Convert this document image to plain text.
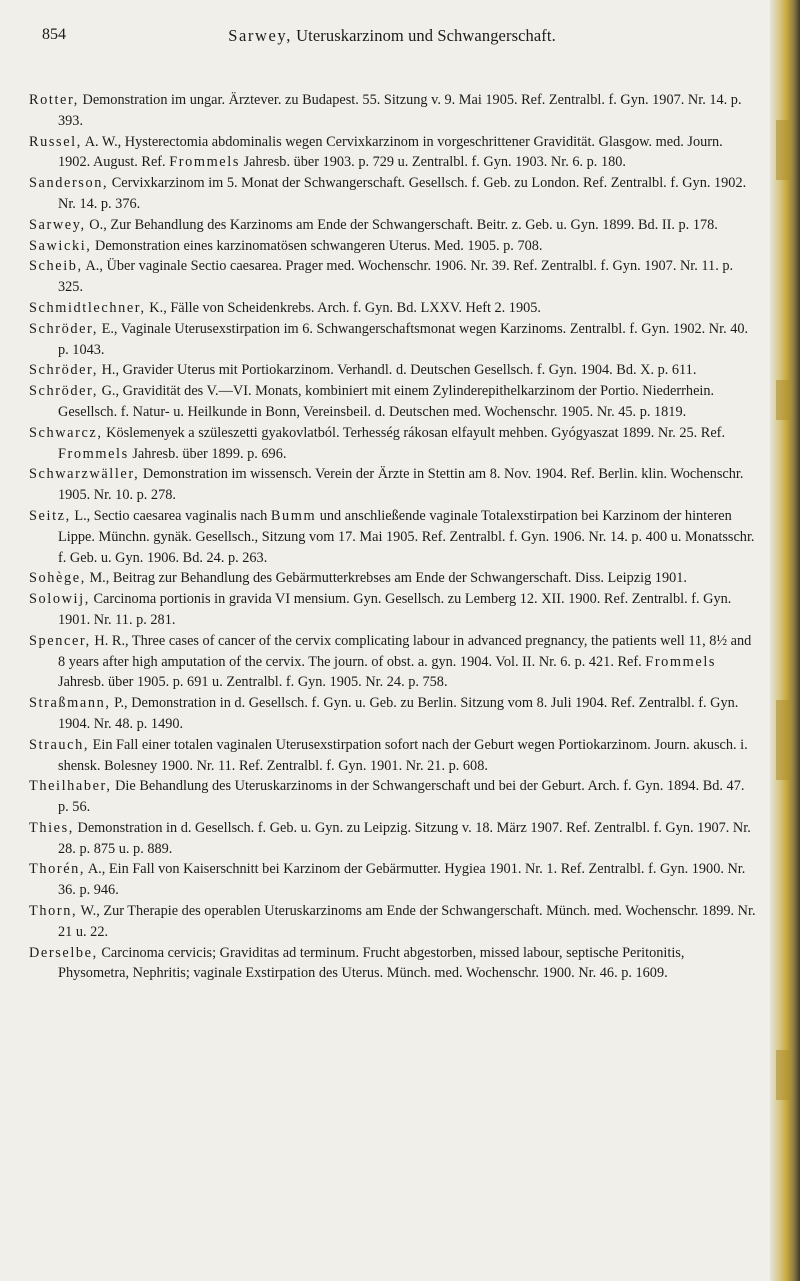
854	Sarwey, Uteruskarzinom und Schwangerschaft.

Rotter, Demonstration im ungar. Ärztever. zu Budapest. 55. Sitzung v. 9. Mai 1905. Ref. Zentralbl. f. Gyn. 1907. Nr. 14. p. 393.

Russel, A. W., Hysterectomia abdominalis wegen Cervixkarzinom in vorgeschrittener Gravidität. Glasgow. med. Journ. 1902. August. Ref. Frommels Jahresb. über 1903. p. 729 u. Zentralbl. f. Gyn. 1903. Nr. 6. p. 180.

Sanderson, Cervixkarzinom im 5. Monat der Schwangerschaft. Gesellsch. f. Geb. zu London. Ref. Zentralbl. f. Gyn. 1902. Nr. 14. p. 376.

Sarwey, O., Zur Behandlung des Karzinoms am Ende der Schwangerschaft. Beitr. z. Geb. u. Gyn. 1899. Bd. II. p. 178.

Sawicki, Demonstration eines karzinomatösen schwangeren Uterus. Med. 1905. p. 708.

Scheib, A., Über vaginale Sectio caesarea. Prager med. Wochenschr. 1906. Nr. 39. Ref. Zentralbl. f. Gyn. 1907. Nr. 11. p. 325.

Schmidtlechner, K., Fälle von Scheidenkrebs. Arch. f. Gyn. Bd. LXXV. Heft 2. 1905.

Schröder, E., Vaginale Uterusexstirpation im 6. Schwangerschaftsmonat wegen Karzinoms. Zentralbl. f. Gyn. 1902. Nr. 40. p. 1043.

Schröder, H., Gravider Uterus mit Portiokarzinom. Verhandl. d. Deutschen Gesellsch. f. Gyn. 1904. Bd. X. p. 611.

Schröder, G., Gravidität des V.—VI. Monats, kombiniert mit einem Zylinderepithelkarzinom der Portio. Niederrhein. Gesellsch. f. Natur- u. Heilkunde in Bonn, Vereinsbeil. d. Deutschen med. Wochenschr. 1905. Nr. 45. p. 1819.

Schwarcz, Köslemenyek a szüleszetti gyakovlatból. Terhesség rákosan elfayult mehben. Gyógyaszat 1899. Nr. 25. Ref. Frommels Jahresb. über 1899. p. 696.

Schwarzwäller, Demonstration im wissensch. Verein der Ärzte in Stettin am 8. Nov. 1904. Ref. Berlin. klin. Wochenschr. 1905. Nr. 10. p. 278.

Seitz, L., Sectio caesarea vaginalis nach Bumm und anschließende vaginale Totalexstirpation bei Karzinom der hinteren Lippe. Münchn. gynäk. Gesellsch., Sitzung vom 17. Mai 1905. Ref. Zentralbl. f. Gyn. 1906. Nr. 14. p. 400 u. Monatsschr. f. Geb. u. Gyn. 1906. Bd. 24. p. 263.

Sohège, M., Beitrag zur Behandlung des Gebärmutterkrebses am Ende der Schwangerschaft. Diss. Leipzig 1901.

Solowij, Carcinoma portionis in gravida VI mensium. Gyn. Gesellsch. zu Lemberg 12. XII. 1900. Ref. Zentralbl. f. Gyn. 1901. Nr. 11. p. 281.

Spencer, H. R., Three cases of cancer of the cervix complicating labour in advanced pregnancy, the patients well 11, 8½ and 8 years after high amputation of the cervix. The journ. of obst. a. gyn. 1904. Vol. II. Nr. 6. p. 421. Ref. Frommels Jahresb. über 1905. p. 691 u. Zentralbl. f. Gyn. 1905. Nr. 24. p. 758.

Straßmann, P., Demonstration in d. Gesellsch. f. Gyn. u. Geb. zu Berlin. Sitzung vom 8. Juli 1904. Ref. Zentralbl. f. Gyn. 1904. Nr. 48. p. 1490.

Strauch, Ein Fall einer totalen vaginalen Uterusexstirpation sofort nach der Geburt wegen Portiokarzinom. Journ. akusch. i. shensk. Bolesney 1900. Nr. 11. Ref. Zentralbl. f. Gyn. 1901. Nr. 21. p. 608.

Theilhaber, Die Behandlung des Uteruskarzinoms in der Schwangerschaft und bei der Geburt. Arch. f. Gyn. 1894. Bd. 47. p. 56.

Thies, Demonstration in d. Gesellsch. f. Geb. u. Gyn. zu Leipzig. Sitzung v. 18. März 1907. Ref. Zentralbl. f. Gyn. 1907. Nr. 28. p. 875 u. p. 889.

Thorén, A., Ein Fall von Kaiserschnitt bei Karzinom der Gebärmutter. Hygiea 1901. Nr. 1. Ref. Zentralbl. f. Gyn. 1900. Nr. 36. p. 946.

Thorn, W., Zur Therapie des operablen Uteruskarzinoms am Ende der Schwangerschaft. Münch. med. Wochenschr. 1899. Nr. 21 u. 22.

Derselbe, Carcinoma cervicis; Graviditas ad terminum. Frucht abgestorben, missed labour, septische Peritonitis, Physometra, Nephritis; vaginale Exstirpation des Uterus. Münch. med. Wochenschr. 1900. Nr. 46. p. 1609.
